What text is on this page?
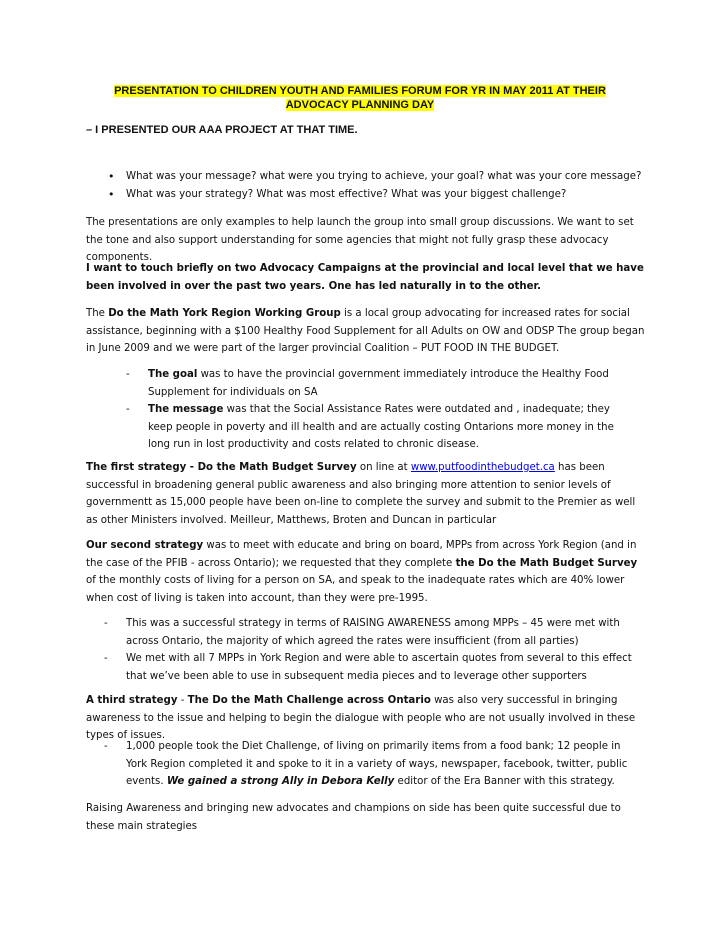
PRESENTATION TO CHILDREN YOUTH AND FAMILIES FORUM FOR YR IN MAY 2011 AT THEIR ADVOCACY PLANNING DAY
– I PRESENTED OUR AAA PROJECT AT THAT TIME.
• What was your message? what were you trying to achieve, your goal? what was your core message?
• What was your strategy? What was most effective? What was your biggest challenge?

The presentations are only examples to help launch the group into small group discussions. We want to set the tone and also support understanding for some agencies that might not fully grasp these advocacy components.

I want to touch briefly on two Advocacy Campaigns at the provincial and local level that we have been involved in over the past two years. One has led naturally in to the other.

The Do the Math York Region Working Group is a local group advocating for increased rates for social assistance, beginning with a $100 Healthy Food Supplement for all Adults on OW and ODSP The group began in June 2009 and we were part of the larger provincial Coalition – PUT FOOD IN THE BUDGET.

- The goal was to have the provincial government immediately introduce the Healthy Food Supplement for individuals on SA
- The message was that the Social Assistance Rates were outdated and , inadequate; they keep people in poverty and ill health and are actually costing Ontarions more money in the long run in lost productivity and costs related to chronic disease.

The first strategy - Do the Math Budget Survey on line at www.putfoodinthebudget.ca has been successful in broadening general public awareness and also bringing more attention to senior levels of governmentt as 15,000 people have been on-line to complete the survey and submit to the Premier as well as other Ministers involved. Meilleur, Matthews, Broten and Duncan in particular

Our second strategy was to meet with educate and bring on board, MPPs from across York Region (and in the case of the PFIB - across Ontario); we requested that they complete the Do the Math Budget Survey of the monthly costs of living for a person on SA, and speak to the inadequate rates which are 40% lower when cost of living is taken into account, than they were pre-1995.

- This was a successful strategy in terms of RAISING AWARENESS among MPPs – 45 were met with across Ontario, the majority of which agreed the rates were insufficient (from all parties)
- We met with all 7 MPPs in York Region and were able to ascertain quotes from several to this effect that we’ve been able to use in subsequent media pieces and to leverage other supporters

A third strategy - The Do the Math Challenge across Ontario was also very successful in bringing awareness to the issue and helping to begin the dialogue with people who are not usually involved in these types of issues.

- 1,000 people took the Diet Challenge, of living on primarily items from a food bank; 12 people in York Region completed it and spoke to it in a variety of ways, newspaper, facebook, twitter, public events. We gained a strong Ally in Debora Kelly editor of the Era Banner with this strategy.

Raising Awareness and bringing new advocates and champions on side has been quite successful due to these main strategies
